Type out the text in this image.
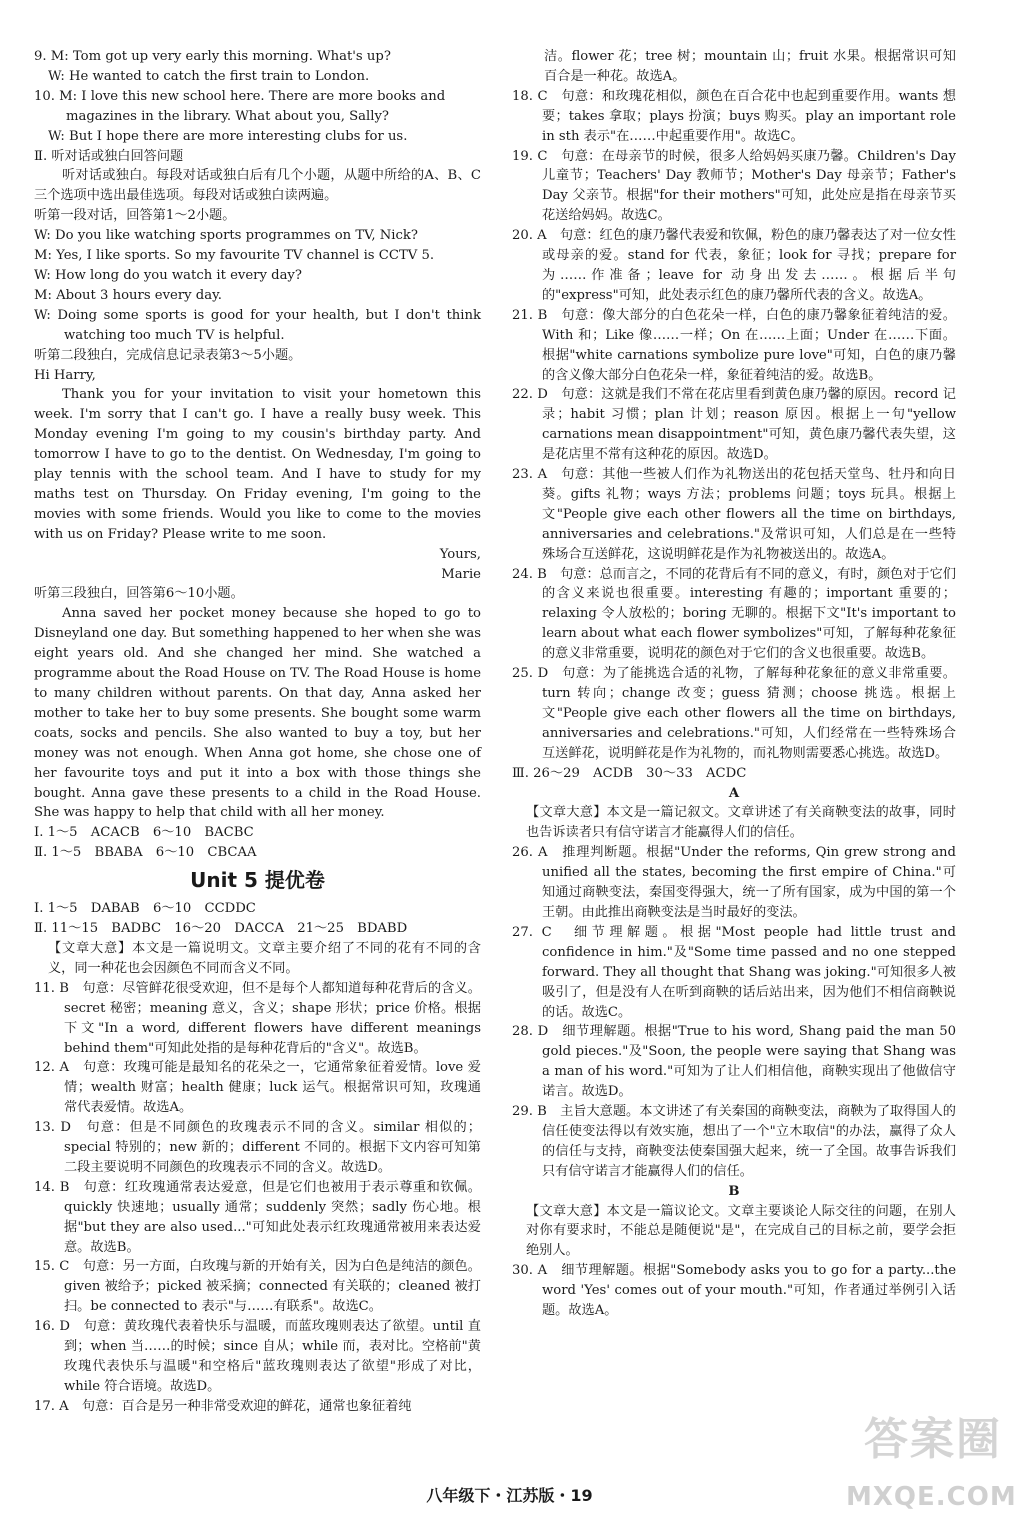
9. M: Tom got up very early this morning. What's up?

W: He wanted to catch the first train to London.

10. M: I love this new school here. There are more books and

magazines in the library. What about you, Sally?

W: But I hope there are more interesting clubs for us.

Ⅱ. 听对话或独白回答问题

听对话或独白。每段对话或独白后有几个小题，从题中所给的A、B、C三个选项中选出最佳选项。每段对话或独白读两遍。

听第一段对话，回答第1～2小题。

W: Do you like watching sports programmes on TV, Nick?

M: Yes, I like sports. So my favourite TV channel is CCTV 5.

W: How long do you watch it every day?

M: About 3 hours every day.

W: Doing some sports is good for your health, but I don't think watching too much TV is helpful.

听第二段独白，完成信息记录表第3～5小题。

Hi Harry,

Thank you for your invitation to visit your hometown this week. I'm sorry that I can't go. I have a really busy week. This Monday evening I'm going to my cousin's birthday party. And tomorrow I have to go to the dentist. On Wednesday, I'm going to play tennis with the school team. And I have to study for my maths test on Thursday. On Friday evening, I'm going to the movies with some friends. Would you like to come to the movies with us on Friday? Please write to me soon.

Yours,

Marie

听第三段独白，回答第6～10小题。

Anna saved her pocket money because she hoped to go to Disneyland one day. But something happened to her when she was eight years old. And she changed her mind. She watched a programme about the Road House on TV. The Road House is home to many children without parents. On that day, Anna asked her mother to take her to buy some presents. She bought some warm coats, socks and pencils. She also wanted to buy a toy, but her money was not enough. When Anna got home, she chose one of her favourite toys and put it into a box with those things she bought. Anna gave these presents to a child in the Road House. She was happy to help that child with all her money.

Ⅰ. 1～5　ACACB　6～10　BACBC

Ⅱ. 1～5　BBABA　6～10　CBCAA

Unit 5 提优卷

Ⅰ. 1～5　DABAB　6～10　CCDDC

Ⅱ. 11～15　BADBC　16～20　DACCA　21～25　BDABD

【文章大意】本文是一篇说明文。文章主要介绍了不同的花有不同的含义，同一种花也会因颜色不同而含义不同。

11. B　句意：尽管鲜花很受欢迎，但不是每个人都知道每种花背后的含义。secret 秘密；meaning 意义，含义；shape 形状；price 价格。根据下文"In a word, different flowers have different meanings behind them"可知此处指的是每种花背后的"含义"。故选B。

12. A　句意：玫瑰可能是最知名的花朵之一，它通常象征着爱情。love 爱情；wealth 财富；health 健康；luck 运气。根据常识可知，玫瑰通常代表爱情。故选A。

13. D　句意：但是不同颜色的玫瑰表示不同的含义。similar 相似的；special 特别的；new 新的；different 不同的。根据下文内容可知第二段主要说明不同颜色的玫瑰表示不同的含义。故选D。

14. B　句意：红玫瑰通常表达爱意，但是它们也被用于表示尊重和钦佩。quickly 快速地；usually 通常；suddenly 突然；sadly 伤心地。根据"but they are also used..."可知此处表示红玫瑰通常被用来表达爱意。故选B。

15. C　句意：另一方面，白玫瑰与新的开始有关，因为白色是纯洁的颜色。given 被给予；picked 被采摘；connected 有关联的；cleaned 被打扫。be connected to 表示"与……有联系"。故选C。

16. D　句意：黄玫瑰代表着快乐与温暖，而蓝玫瑰则表达了欲望。until 直到；when 当……的时候；since 自从；while 而，表对比。空格前"黄玫瑰代表快乐与温暖"和空格后"蓝玫瑰则表达了欲望"形成了对比，while 符合语境。故选D。

17. A　句意：百合是另一种非常受欢迎的鲜花，通常也象征着纯

洁。flower 花；tree 树；mountain 山；fruit 水果。根据常识可知百合是一种花。故选A。

18. C　句意：和玫瑰花相似，颜色在百合花中也起到重要作用。wants 想要；takes 拿取；plays 扮演；buys 购买。play an important role in sth 表示"在……中起重要作用"。故选C。

19. C　句意：在母亲节的时候，很多人给妈妈买康乃馨。Children's Day 儿童节；Teachers' Day 教师节；Mother's Day 母亲节；Father's Day 父亲节。根据"for their mothers"可知，此处应是指在母亲节买花送给妈妈。故选C。

20. A　句意：红色的康乃馨代表爱和钦佩，粉色的康乃馨表达了对一位女性或母亲的爱。stand for 代表，象征；look for 寻找；prepare for 为……作准备；leave for 动身出发去……。根据后半句的"express"可知，此处表示红色的康乃馨所代表的含义。故选A。

21. B　句意：像大部分的白色花朵一样，白色的康乃馨象征着纯洁的爱。With 和；Like 像……一样；On 在……上面；Under 在……下面。根据"white carnations symbolize pure love"可知，白色的康乃馨的含义像大部分白色花朵一样，象征着纯洁的爱。故选B。

22. D　句意：这就是我们不常在花店里看到黄色康乃馨的原因。record 记录；habit 习惯；plan 计划；reason 原因。根据上一句"yellow carnations mean disappointment"可知，黄色康乃馨代表失望，这是花店里不常有这种花的原因。故选D。

23. A　句意：其他一些被人们作为礼物送出的花包括天堂鸟、牡丹和向日葵。gifts 礼物；ways 方法；problems 问题；toys 玩具。根据上文"People give each other flowers all the time on birthdays, anniversaries and celebrations."及常识可知，人们总是在一些特殊场合互送鲜花，这说明鲜花是作为礼物被送出的。故选A。

24. B　句意：总而言之，不同的花背后有不同的意义，有时，颜色对于它们的含义来说也很重要。interesting 有趣的；important 重要的；relaxing 令人放松的；boring 无聊的。根据下文"It's important to learn about what each flower symbolizes"可知，了解每种花象征的意义非常重要，说明花的颜色对于它们的含义也很重要。故选B。

25. D　句意：为了能挑选合适的礼物，了解每种花象征的意义非常重要。turn 转向；change 改变；guess 猜测；choose 挑选。根据上文"People give each other flowers all the time on birthdays, anniversaries and celebrations."可知，人们经常在一些特殊场合互送鲜花，说明鲜花是作为礼物的，而礼物则需要悉心挑选。故选D。

Ⅲ. 26～29　ACDB　30～33　ACDC

A

【文章大意】本文是一篇记叙文。文章讲述了有关商鞅变法的故事，同时也告诉读者只有信守诺言才能赢得人们的信任。

26. A　推理判断题。根据"Under the reforms, Qin grew strong and unified all the states, becoming the first empire of China."可知通过商鞅变法，秦国变得强大，统一了所有国家，成为中国的第一个王朝。由此推出商鞅变法是当时最好的变法。

27. C　细节理解题。根据"Most people had little trust and confidence in him."及"Some time passed and no one stepped forward. They all thought that Shang was joking."可知很多人被吸引了，但是没有人在听到商鞅的话后站出来，因为他们不相信商鞅说的话。故选C。

28. D　细节理解题。根据"True to his word, Shang paid the man 50 gold pieces."及"Soon, the people were saying that Shang was a man of his word."可知为了让人们相信他，商鞅实现出了他做信守诺言。故选D。

29. B　主旨大意题。本文讲述了有关秦国的商鞅变法，商鞅为了取得国人的信任使变法得以有效实施，想出了一个"立木取信"的办法，赢得了众人的信任与支持，商鞅变法使秦国强大起来，统一了全国。故事告诉我们只有信守诺言才能赢得人们的信任。

B

【文章大意】本文是一篇议论文。文章主要谈论人际交往的问题，在别人对你有要求时，不能总是随便说"是"，在完成自己的目标之前，要学会拒绝别人。

30. A　细节理解题。根据"Somebody asks you to go for a party...the word 'Yes' comes out of your mouth."可知，作者通过举例引入话题。故选A。

八年级下・江苏版・19
答案圈
MXQE.COM
